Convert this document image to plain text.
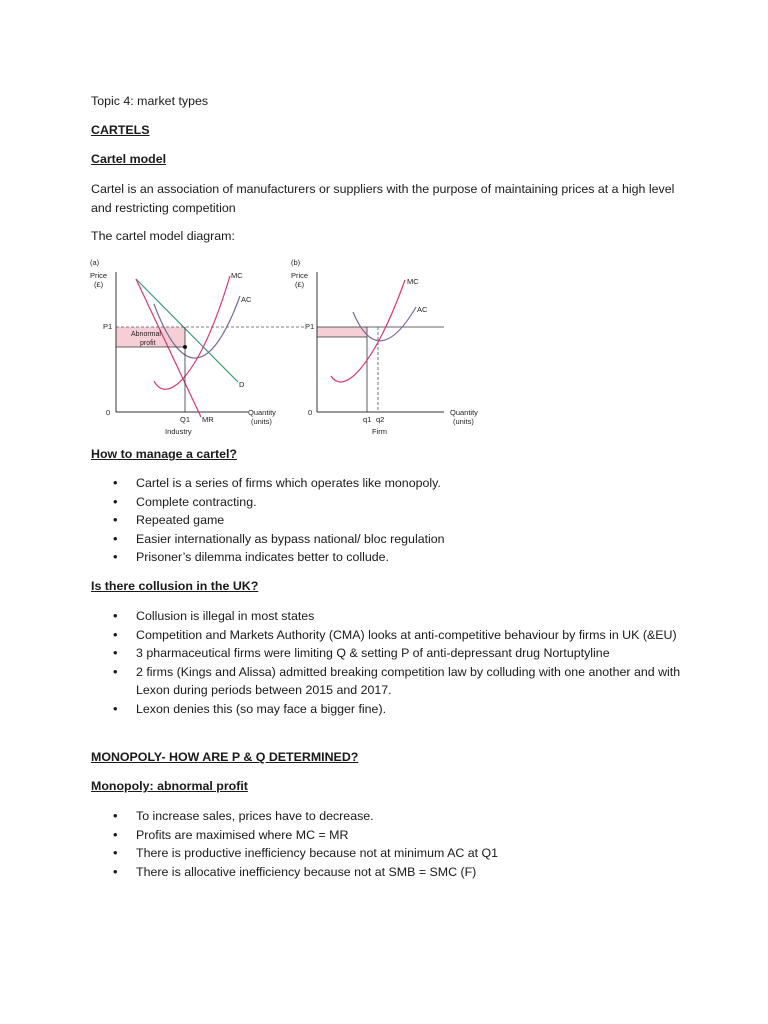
Topic 4: market types
CARTELS
Cartel model
Cartel is an association of manufacturers or suppliers with the purpose of maintaining prices at a high level and restricting competition
The cartel model diagram:
(a)
Price
(£)
MC
AC
D
P1
0
Abnormal
profit
Q1 MR
Quantity
(units)
Industry
(b)
Price
(£)	MC
AC
P1
0
q1 q2
Quantity
(units)
Firm
How to manage a cartel?
• Cartel is a series of firms which operates like monopoly.
• Complete contracting.
• Repeated game
• Easier internationally as bypass national/ bloc regulation
• Prisoner’s dilemma indicates better to collude.
Is there collusion in the UK?
• Collusion is illegal in most states
• Competition and Markets Authority (CMA) looks at anti-competitive behaviour by firms in UK (&EU)
• 3 pharmaceutical firms were limiting Q & setting P of anti-depressant drug Nortuptyline
• 2 firms (Kings and Alissa) admitted breaking competition law by colluding with one another and with Lexon during periods between 2015 and 2017.
• Lexon denies this (so may face a bigger fine).
MONOPOLY- HOW ARE P & Q DETERMINED?
Monopoly: abnormal profit
• To increase sales, prices have to decrease.
• Profits are maximised where MC = MR
• There is productive inefficiency because not at minimum AC at Q1
• There is allocative inefficiency because not at SMB = SMC (F)
